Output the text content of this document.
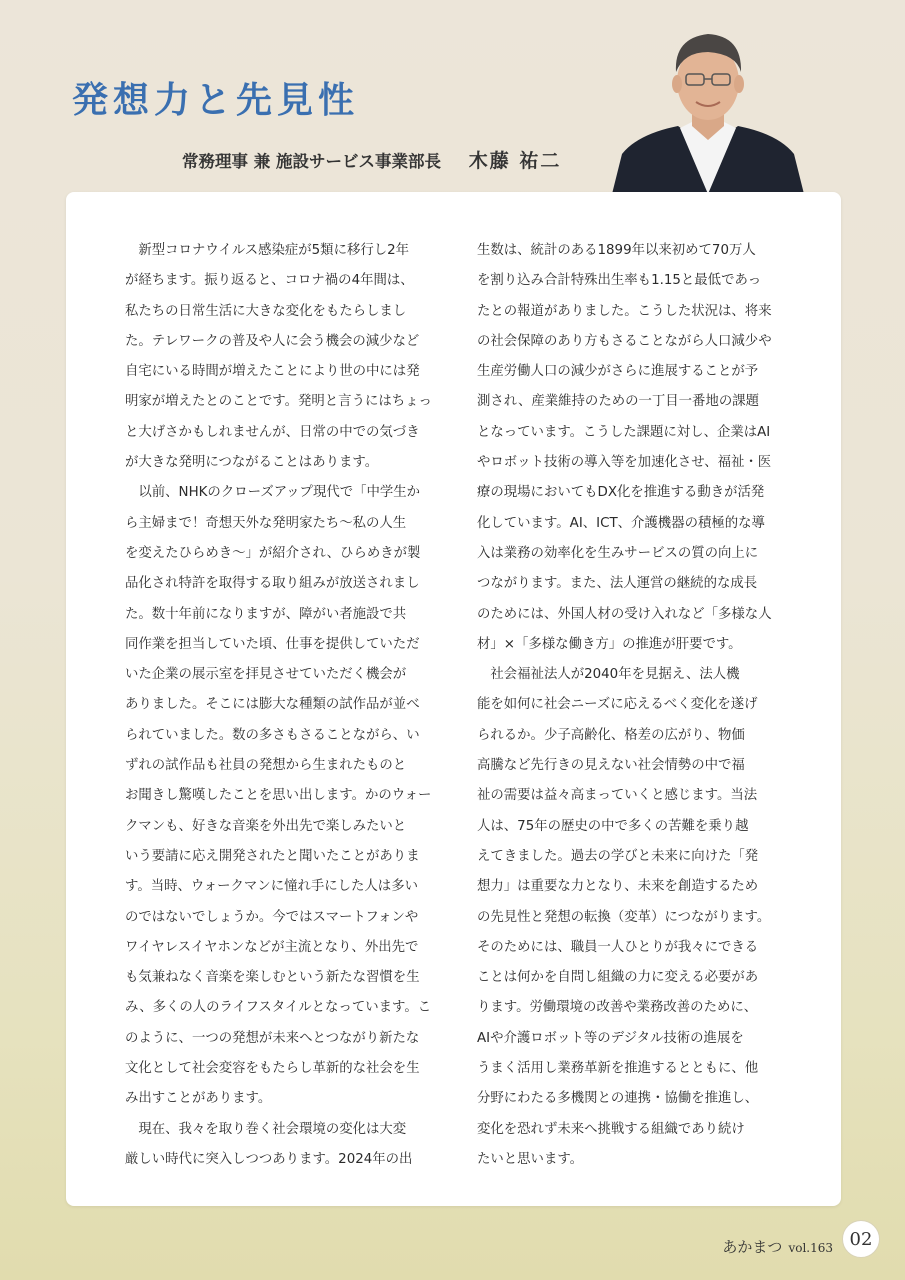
発想力と先見性
常務理事 兼 施設サービス事業部長 木藤 祐二
　新型コロナウイルス感染症が5類に移行し2年
が経ちます。振り返ると、コロナ禍の4年間は、
私たちの日常生活に大きな変化をもたらしまし
た。テレワークの普及や人に会う機会の減少など
自宅にいる時間が増えたことにより世の中には発
明家が増えたとのことです。発明と言うにはちょっ
と大げさかもしれませんが、日常の中での気づき
が大きな発明につながることはあります。
　以前、NHKのクローズアップ現代で「中学生か
ら主婦まで！奇想天外な発明家たち〜私の人生
を変えたひらめき〜」が紹介され、ひらめきが製
品化され特許を取得する取り組みが放送されまし
た。数十年前になりますが、障がい者施設で共
同作業を担当していた頃、仕事を提供していただ
いた企業の展示室を拝見させていただく機会が
ありました。そこには膨大な種類の試作品が並べ
られていました。数の多さもさることながら、い
ずれの試作品も社員の発想から生まれたものと
お聞きし驚嘆したことを思い出します。かのウォー
クマンも、好きな音楽を外出先で楽しみたいと
いう要請に応え開発されたと聞いたことがありま
す。当時、ウォークマンに憧れ手にした人は多い
のではないでしょうか。今ではスマートフォンや
ワイヤレスイヤホンなどが主流となり、外出先で
も気兼ねなく音楽を楽しむという新たな習慣を生
み、多くの人のライフスタイルとなっています。こ
のように、一つの発想が未来へとつながり新たな
文化として社会変容をもたらし革新的な社会を生
み出すことがあります。
　現在、我々を取り巻く社会環境の変化は大変
厳しい時代に突入しつつあります。2024年の出
生数は、統計のある1899年以来初めて70万人
を割り込み合計特殊出生率も1.15と最低であっ
たとの報道がありました。こうした状況は、将来
の社会保障のあり方もさることながら人口減少や
生産労働人口の減少がさらに進展することが予
測され、産業維持のための一丁目一番地の課題
となっています。こうした課題に対し、企業はAI
やロボット技術の導入等を加速化させ、福祉・医
療の現場においてもDX化を推進する動きが活発
化しています。AI、ICT、介護機器の積極的な導
入は業務の効率化を生みサービスの質の向上に
つながります。また、法人運営の継続的な成長
のためには、外国人材の受け入れなど「多様な人
材」×「多様な働き方」の推進が肝要です。
　社会福祉法人が2040年を見据え、法人機
能を如何に社会ニーズに応えるべく変化を遂げ
られるか。少子高齢化、格差の広がり、物価
高騰など先行きの見えない社会情勢の中で福
祉の需要は益々高まっていくと感じます。当法
人は、75年の歴史の中で多くの苦難を乗り越
えてきました。過去の学びと未来に向けた「発
想力」は重要な力となり、未来を創造するため
の先見性と発想の転換（変革）につながります。
そのためには、職員一人ひとりが我々にできる
ことは何かを自問し組織の力に変える必要があ
ります。労働環境の改善や業務改善のために、
AIや介護ロボット等のデジタル技術の進展を
うまく活用し業務革新を推進するとともに、他
分野にわたる多機関との連携・協働を推進し、
変化を恐れず未来へ挑戦する組織であり続け
たいと思います。
あかまつ vol.163 02
